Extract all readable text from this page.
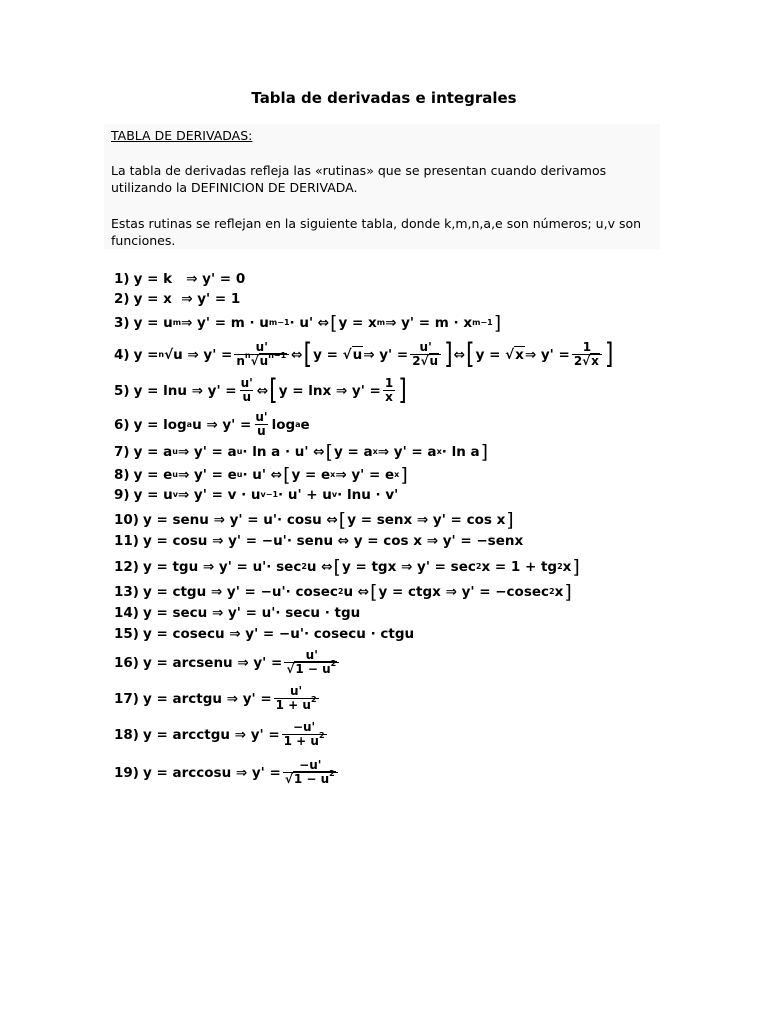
Tabla de derivadas e integrales
TABLA DE DERIVADAS:
La tabla de derivadas refleja las «rutinas» que se presentan cuando derivamos
utilizando la DEFINICION DE DERIVADA.
Estas rutinas se reflejan en la siguiente tabla, donde k,m,n,a,e son números; u,v son
funciones.
1) y = k   ⇒ y' = 0
2) y = x  ⇒ y' = 1
3) y = u m ⇒ y' = m · u m−1 · u' ⇔ [ y = x m ⇒ y' = m · x m−1 ]
4) y = n √u ⇒ $y' = \frac{u'}{n^n√u^{n-1}}$ ⇔ [ y = √ u ⇒ $y' = \frac{u'}{2√u}$ ] ⇔ [ y = √ x ⇒ $y' = \frac{1}{2√x}$ ]
5) y = lnu ⇒ $y' = \frac{u'}{u}$ ⇔ [ y = lnx ⇒ $y' = \frac{1}{x}$ ]
6) y = log a u ⇒ $y' = \frac{u'}{u}$ log a e
7) y = a u ⇒ y' = a u · ln a · u' ⇔ [ y = a x ⇒ y' = a x · ln a ]
8) y = e u ⇒ y' = e u · u' ⇔ [ y = e x ⇒ y' = e x ]
9) y = u v ⇒ y' = v · u v−1 · u' + u v · lnu · v'
10) y = senu ⇒ y' = u'· cosu ⇔ [ y = senx ⇒ y' = cos x ]
11) y = cosu ⇒ y' = −u'· senu ⇔ y = cos x ⇒ y' = −senx
12) y = tgu ⇒ y' = u'· sec 2 u ⇔ [ y = tgx ⇒ y' = sec 2 x = 1 + tg 2 x ]
13) y = ctgu ⇒ y' = −u'· cosec 2 u ⇔ [ y = ctgx ⇒ y' = −cosec 2 x ]
14) y = secu ⇒ y' = u'· secu · tgu
15) y = cosecu ⇒ y' = −u'· cosecu · ctgu
16) y = arcsenu ⇒ $y' = \frac{u'}{√1 - u^2}$
17) y = arctgu ⇒ $y' = \frac{u'}{1 + u^2}$
18) y = arcctgu ⇒ $y' = \frac{-u'}{1 + u^2}$
19) y = arccosu ⇒ $y' = \frac{-u'}{√1 - u^2}$
